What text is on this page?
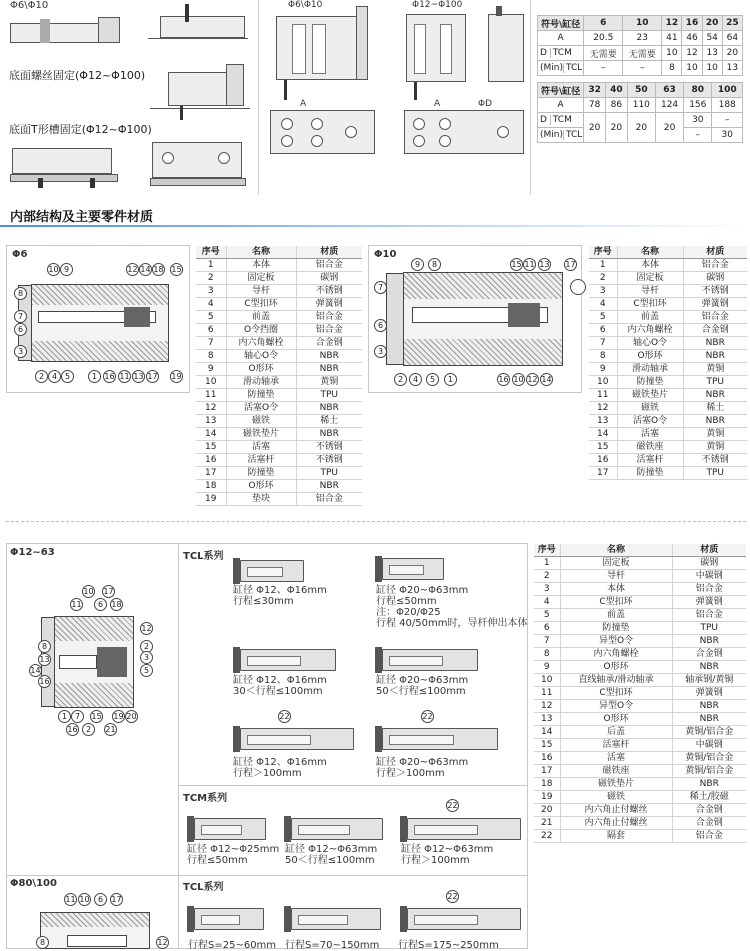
Φ6\Φ10
底面螺丝固定(Φ12~Φ100)
底面T形槽固定(Φ12~Φ100)
Φ6\Φ10	Φ12~Φ100
A	A	ΦD
符号\缸径	6	10	12	16	20	25
A	20.5	23	41	46	54	64
D TCM	无需要	无需要	10	12	13	20
(Min) TCL	–	–	8	10	10	13
符号\缸径	32	40	50	63	80	100
A	78	86	110	124	156	188
D TCM	20	20	20	20	30	–
(Min) TCL					–	30
内部结构及主要零件材质
Φ6
10 9	12 14 18 15
8
7
6
3
2 4 5	1 16 11 13 17 19
序号	名称	材质
1	本体	铝合金
2	固定板	碳钢
3	导杆	不锈钢
4	C型扣环	弹簧钢
5	前盖	铝合金
6	O令挡圈	铝合金
7	内六角螺栓	合金钢
8	轴心O令	NBR
9	O形环	NBR
10	滑动轴承	黄铜
11	防撞垫	TPU
12	活塞O令	NBR
13	磁铁	稀土
14	磁铁垫片	NBR
15	活塞	不锈钢
16	活塞杆	不锈钢
17	防撞垫	TPU
18	O形环	NBR
19	垫块	铝合金
Φ10
9	8	15 11 13 17
7
6
3
2	4	5	1	16 10 12 14
序号	名称	材质
1	本体	铝合金
2	固定板	碳钢
3	导杆	不锈钢
4	C型扣环	弹簧钢
5	前盖	铝合金
6	内六角螺栓	合金钢
7	轴心O令	NBR
8	O形环	NBR
9	滑动轴承	黄铜
10	防撞垫	TPU
11	磁铁垫片	NBR
12	磁铁	稀土
13	活塞O令	NBR
14	活塞	黄铜
15	磁铁座	黄铜
16	活塞杆	不锈钢
17	防撞垫	TPU
Φ12~63
10 17
11	6	18
12
8	2
13	3
14	5
16
1 7	15 19 20
16	2	21
TCL系列
22	22
缸径 Φ12、Φ16mm
行程≤30mm
缸径 Φ20~Φ63mm
行程≤50mm
注：Φ20/Φ25
行程 40/50mm时，导杆伸出本体
缸径 Φ12、Φ16mm
30＜行程≤100mm
缸径 Φ20~Φ63mm
50＜行程≤100mm
缸径 Φ12、Φ16mm
行程＞100mm
缸径 Φ20~Φ63mm
行程＞100mm
TCM系列
22
缸径 Φ12~Φ25mm
行程≤50mm
缸径 Φ12~Φ63mm
50＜行程≤100mm
缸径 Φ12~Φ63mm
行程＞100mm
Φ80\100
11 10	6	17
8	12
TCL系列
22
行程S=25~60mm 行程S=70~150mm 行程S=175~250mm
序号	名称	材质
1	固定板	碳钢
2	导杆	中碳钢
3	本体	铝合金
4	C型扣环	弹簧钢
5	前盖	铝合金
6	防撞垫	TPU
7	异型O令	NBR
8	内六角螺栓	合金钢
9	O形环	NBR
10	直线轴承/滑动轴承	轴承钢/黄铜
11	C型扣环	弹簧钢
12	异型O令	NBR
13	O形环	NBR
14	后盖	黄铜/铝合金
15	活塞杆	中碳钢
16	活塞	黄铜/铝合金
17	磁铁座	黄铜/铝合金
18	磁铁垫片	NBR
19	磁铁	稀土/胶磁
20	内六角止付螺丝	合金钢
21	内六角止付螺丝	合金钢
22	隔套	铝合金
